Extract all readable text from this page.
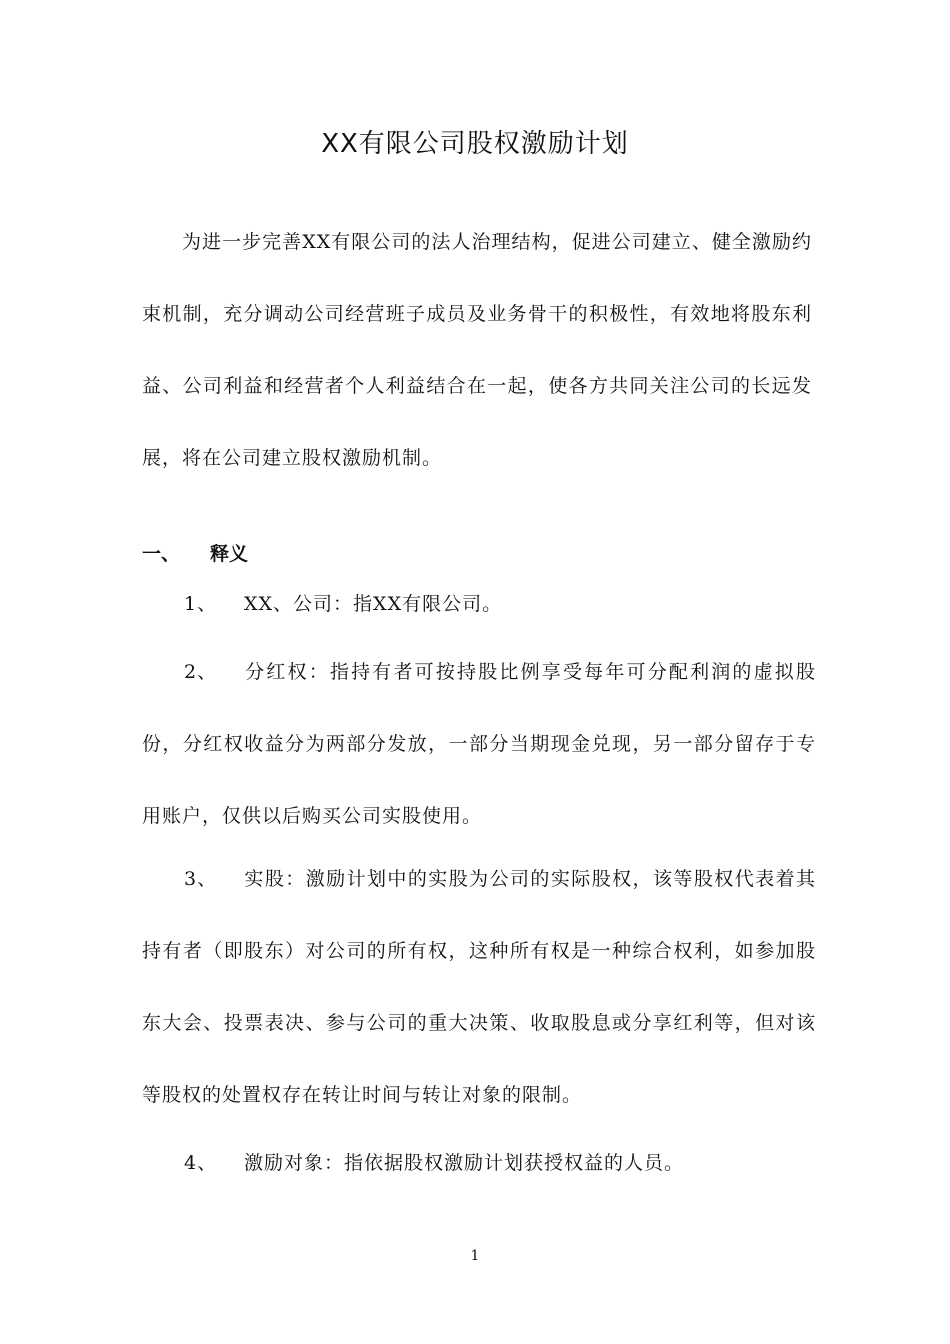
XX有限公司股权激励计划

为进一步完善XX有限公司的法人治理结构，促进公司建立、健全激励约束机制，充分调动公司经营班子成员及业务骨干的积极性，有效地将股东利益、公司利益和经营者个人利益结合在一起，使各方共同关注公司的长远发展，将在公司建立股权激励机制。

一、 释义

1、 XX、公司：指XX有限公司。

2、 分红权：指持有者可按持股比例享受每年可分配利润的虚拟股份，分红权收益分为两部分发放，一部分当期现金兑现，另一部分留存于专用账户，仅供以后购买公司实股使用。

3、 实股：激励计划中的实股为公司的实际股权，该等股权代表着其持有者（即股东）对公司的所有权，这种所有权是一种综合权利，如参加股东大会、投票表决、参与公司的重大决策、收取股息或分享红利等，但对该等股权的处置权存在转让时间与转让对象的限制。

4、 激励对象：指依据股权激励计划获授权益的人员。

1
